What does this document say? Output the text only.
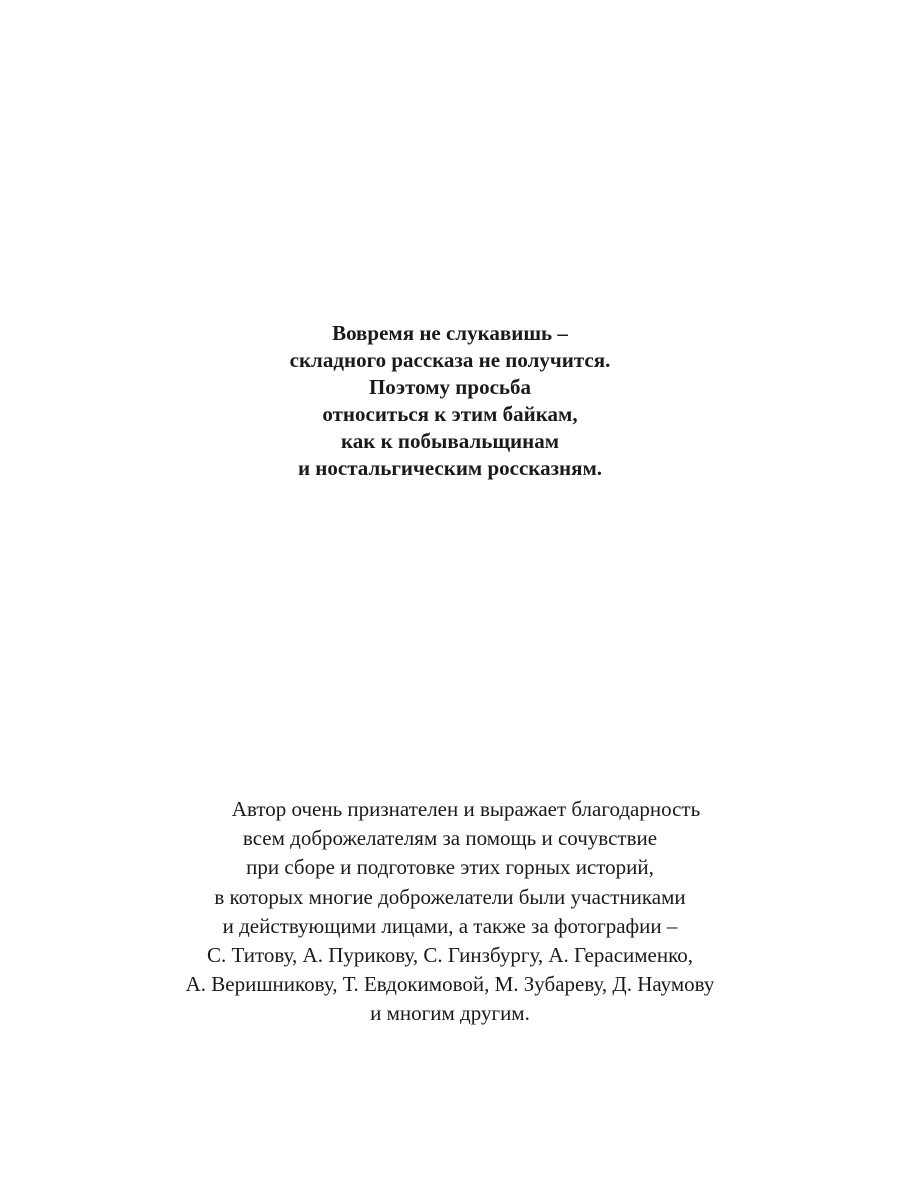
Вовремя не слукавишь –
складного рассказа не получится.
Поэтому просьба
относиться к этим байкам,
как к побывальщинам
и ностальгическим россказням.
Автор очень признателен и выражает благодарность
всем доброжелателям за помощь и сочувствие
при сборе и подготовке этих горных историй,
в которых многие доброжелатели были участниками
и действующими лицами, а также за фотографии –
С. Титову, А. Пурикову, С. Гинзбургу, А. Герасименко,
А. Веришникову, Т. Евдокимовой, М. Зубареву, Д. Наумову
и многим другим.
